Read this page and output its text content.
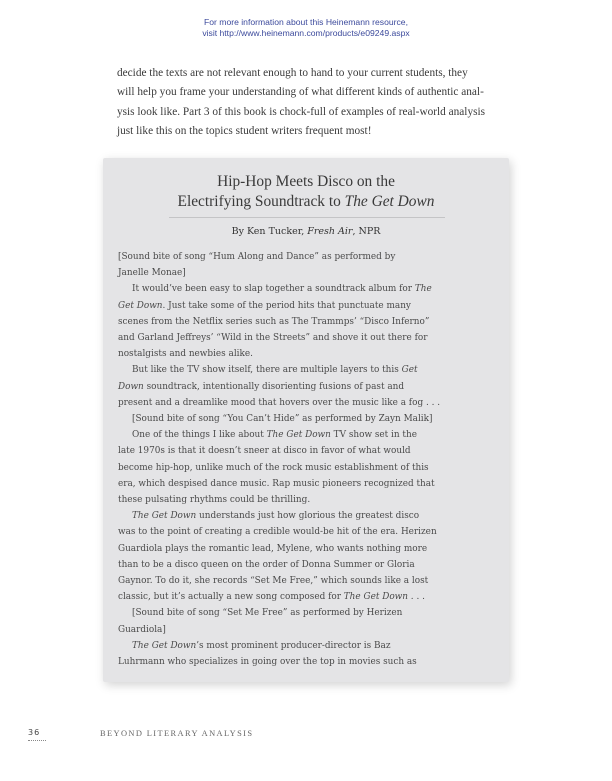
For more information about this Heinemann resource,
visit http://www.heinemann.com/products/e09249.aspx
decide the texts are not relevant enough to hand to your current students, they
will help you frame your understanding of what different kinds of authentic anal-
ysis look like. Part 3 of this book is chock-full of examples of real-world analysis
just like this on the topics student writers frequent most!
Hip-Hop Meets Disco on the
Electrifying Soundtrack to The Get Down
By Ken Tucker, Fresh Air, NPR
[Sound bite of song “Hum Along and Dance” as performed by
Janelle Monae]
It would’ve been easy to slap together a soundtrack album for The
Get Down. Just take some of the period hits that punctuate many
scenes from the Netflix series such as The Trammps’ “Disco Inferno”
and Garland Jeffreys’ “Wild in the Streets” and shove it out there for
nostalgists and newbies alike.
But like the TV show itself, there are multiple layers to this Get
Down soundtrack, intentionally disorienting fusions of past and
present and a dreamlike mood that hovers over the music like a fog . . .
[Sound bite of song “You Can’t Hide” as performed by Zayn Malik]
One of the things I like about The Get Down TV show set in the
late 1970s is that it doesn’t sneer at disco in favor of what would
become hip-hop, unlike much of the rock music establishment of this
era, which despised dance music. Rap music pioneers recognized that
these pulsating rhythms could be thrilling.
The Get Down understands just how glorious the greatest disco
was to the point of creating a credible would-be hit of the era. Herizen
Guardiola plays the romantic lead, Mylene, who wants nothing more
than to be a disco queen on the order of Donna Summer or Gloria
Gaynor. To do it, she records “Set Me Free,” which sounds like a lost
classic, but it’s actually a new song composed for The Get Down . . .
[Sound bite of song “Set Me Free” as performed by Herizen
Guardiola]
The Get Down’s most prominent producer-director is Baz
Luhrmann who specializes in going over the top in movies such as
36	BEYOND LITERARY ANALYSIS
